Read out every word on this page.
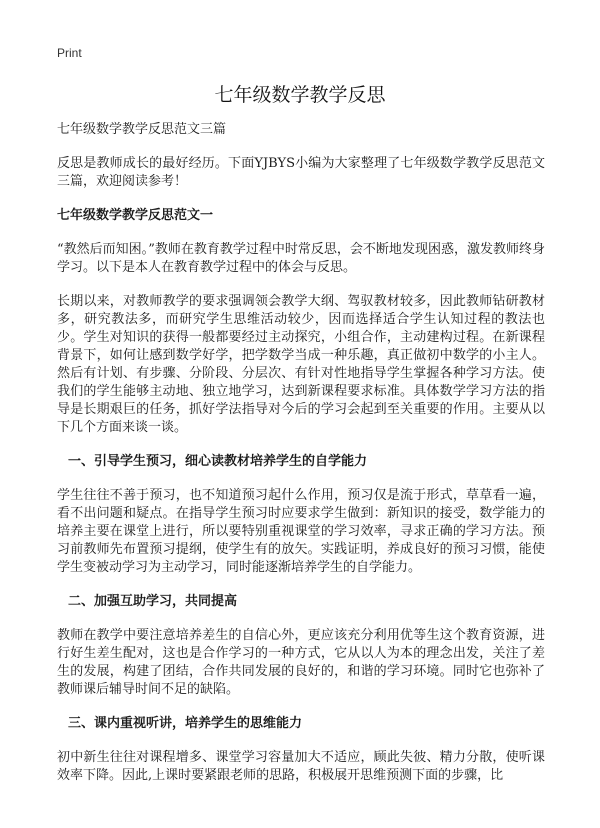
Print
七年级数学教学反思

七年级数学教学反思范文三篇

反思是教师成长的最好经历。下面YJBYS小编为大家整理了七年级数学教学反思范文三篇，欢迎阅读参考！

七年级数学教学反思范文一

“教然后而知困。”教师在教育教学过程中时常反思，会不断地发现困惑，激发教师终身学习。以下是本人在教育教学过程中的体会与反思。

长期以来，对教师教学的要求强调领会教学大纲、驾驭教材较多，因此教师钻研教材多，研究教法多，而研究学生思维活动较少，因而选择适合学生认知过程的教法也少。学生对知识的获得一般都要经过主动探究，小组合作，主动建构过程。在新课程背景下，如何让感到数学好学，把学数学当成一种乐趣，真正做初中数学的小主人。然后有计划、有步骤、分阶段、分层次、有针对性地指导学生掌握各种学习方法。使我们的学生能够主动地、独立地学习，达到新课程要求标准。具体数学学习方法的指导是长期艰巨的任务，抓好学法指导对今后的学习会起到至关重要的作用。主要从以下几个方面来谈一谈。

一、引导学生预习，细心读教材培养学生的自学能力

学生往往不善于预习，也不知道预习起什么作用，预习仅是流于形式，草草看一遍，看不出问题和疑点。在指导学生预习时应要求学生做到：新知识的接受，数学能力的培养主要在课堂上进行，所以要特别重视课堂的学习效率，寻求正确的学习方法。预习前教师先布置预习提纲，使学生有的放矢。实践证明，养成良好的预习习惯，能使学生变被动学习为主动学习，同时能逐渐培养学生的自学能力。

二、加强互助学习，共同提高

教师在教学中要注意培养差生的自信心外，更应该充分利用优等生这个教育资源，进行好生差生配对，这也是合作学习的一种方式，它从以人为本的理念出发，关注了差生的发展，构建了团结，合作共同发展的良好的，和谐的学习环境。同时它也弥补了教师课后辅导时间不足的缺陷。

三、课内重视听讲，培养学生的思维能力

初中新生往往对课程增多、课堂学习容量加大不适应，顾此失彼、精力分散，使听课效率下降。因此,上课时要紧跟老师的思路，积极展开思维预测下面的步骤，比
